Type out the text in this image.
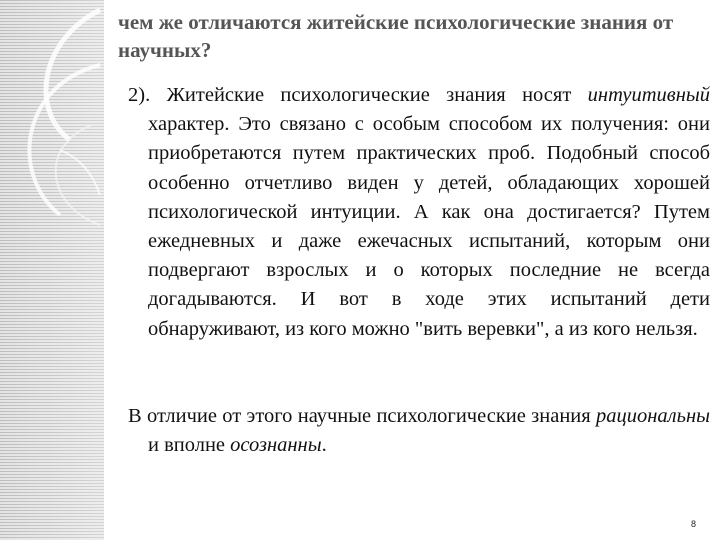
чем же отличаются житейские психологические знания от научных?

2). Житейские психологические знания носят интуитивный характер. Это связано с особым способом их получения: они приобретаются путем практических проб. Подобный способ особенно отчетливо виден у детей, обладающих хорошей психологической интуиции. А как она достигается? Путем ежедневных и даже ежечасных испытаний, которым они подвергают взрослых и о которых последние не всегда догадываются. И вот в ходе этих испытаний дети обнаруживают, из кого можно "вить веревки", а из кого нельзя.

В отличие от этого научные психологические знания рациональны и вполне осознанны.

8
